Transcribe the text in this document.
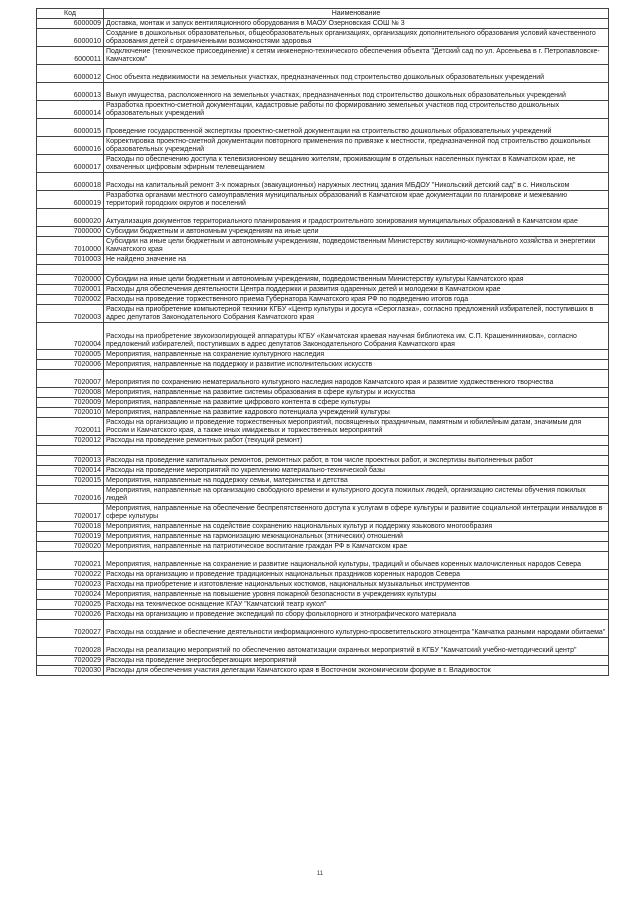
Код	Наименование
6000009	Доставка, монтаж и запуск вентиляционного оборудования в МАОУ Озерновская СОШ № 3
6000010	Создание в дошкольных образовательных, общеобразовательных организациях, организациях дополнительного образования условий качественного образования детей с ограниченными возможностями здоровья
6000011	Подключение (техническое присоединение) к сетям инженерно-технического обеспечения объекта "Детский сад по ул. Арсеньева в г. Петропавловске-Камчатском"
6000012	Снос объекта недвижимости на земельных участках, предназначенных под строительство дошкольных образовательных учреждений
6000013	Выкуп имущества, расположенного на земельных участках, предназначенных под строительство дошкольных образовательных учреждений
6000014	Разработка проектно-сметной документации, кадастровые работы по формированию земельных участков под строительство дошкольных образовательных учреждений
6000015	Проведение государственной экспертизы проектно-сметной документации на строительство дошкольных образовательных учреждений
6000016	Корректировка проектно-сметной документации повторного применения по привязке к местности, предназначенной под строительство дошкольных образовательных учреждений
6000017	Расходы по обеспечению доступа к телевизионному вещанию жителям, проживающим в отдельных населенных пунктах в Камчатском крае, не охваченных цифровым эфирным телевещанием
6000018	Расходы на капитальный ремонт 3-х пожарных (эвакуационных) наружных лестниц здания МБДОУ "Никольский детский сад" в с. Никольском
6000019	Разработка органами местного самоуправления муниципальных образований в Камчатском крае документации по планировке и межеванию территорий городских округов и поселений
6000020	Актуализация документов территориального планирования и градостроительного зонирования муниципальных образований в Камчатском крае
7000000	Субсидии бюджетным и автономным учреждениям на иные цели
7010000	Субсидии на иные цели бюджетным и автономным учреждениям, подведомственным Министерству жилищно-коммунального хозяйства и энергетики Камчатского края
7010003	Не найдено значение на

7020000	Субсидии на иные цели бюджетным и автономным учреждениям, подведомственным Министерству культуры Камчатского края
7020001	Расходы для обеспечения деятельности Центра поддержки и развития одаренных детей и молодежи в Камчатском крае
7020002	Расходы на проведение торжественного приема Губернатора Камчатского края РФ по подведению итогов года
7020003	Расходы на приобретение компьютерной техники КГБУ «Центр культуры и досуга «Сероглазка», согласно предложений избирателей, поступивших в адрес депутатов Законодательного Собрания Камчатского края
7020004	Расходы на приобретение звукоизолирующей аппаратуры КГБУ «Камчатская краевая научная библиотека им. С.П. Крашенинникова», согласно предложений избирателей, поступивших в адрес депутатов Законодательного Собрания Камчатского края
7020005	Мероприятия, направленные на сохранение культурного наследия
7020006	Мероприятия, направленные на поддержку и развитие исполнительских искусств
7020007	Мероприятия по сохранению нематериального культурного наследия народов Камчатского края и развитие художественного творчества
7020008	Мероприятия, направленные на развитие системы образования в сфере культуры и искусства
7020009	Мероприятия, направленные на развитие цифрового контента в сфере культуры
7020010	Мероприятия, направленные на развитие кадрового потенциала учреждений культуры
7020011	Расходы на организацию и проведение торжественных мероприятий, посвященных праздничным, памятным и юбилейным датам, значимым для России и Камчатского края, а также иных имиджевых и торжественных мероприятий
7020012	Расходы на проведение ремонтных работ (текущий ремонт)

7020013	Расходы на проведение капитальных ремонтов, ремонтных работ, в том числе проектных работ, и экспертизы выполненных работ
7020014	Расходы на проведение мероприятий по укреплению материально-технической базы
7020015	Мероприятия, направленные на поддержку семьи, материнства и детства
7020016	Мероприятия, направленные на организацию свободного времени и культурного досуга пожилых людей, организацию системы обучения пожилых людей
7020017	Мероприятия, направленные на обеспечение беспрепятственного доступа к услугам в сфере культуры и развитие социальной интеграции инвалидов в сфере культуры
7020018	Мероприятия, направленные на содействие сохранению национальных культур и поддержку языкового многообразия
7020019	Мероприятия, направленные на гармонизацию межнациональных (этнических) отношений
7020020	Мероприятия, направленные на патриотическое воспитание граждан РФ в Камчатском крае
7020021	Мероприятия, направленные на сохранение и развитие национальной культуры, традиций и обычаев коренных малочисленных народов Севера
7020022	Расходы на организацию и проведение традиционных национальных праздников коренных народов Севера
7020023	Расходы на приобретение и изготовление национальных костюмов, национальных музыкальных инструментов
7020024	Мероприятия, направленные на повышение уровня пожарной безопасности в учреждениях культуры
7020025	Расходы на техническое оснащение КГАУ "Камчатский театр кукол"
7020026	Расходы на организацию и проведение экспедиций по сбору фольклорного и этнографического материала
7020027	Расходы на создание и обеспечение деятельности информационного культурно-просветительского этноцентра "Камчатка разными народами обитаема"
7020028	Расходы на реализацию мероприятий по обеспечению автоматизации охранных мероприятий в КГБУ "Камчатский учебно-методический центр"
7020029	Расходы на проведение энергосберегающих мероприятий
7020030	Расходы для обеспечения участия делегации Камчатского края в Восточном экономическом форуме в г. Владивосток
11
